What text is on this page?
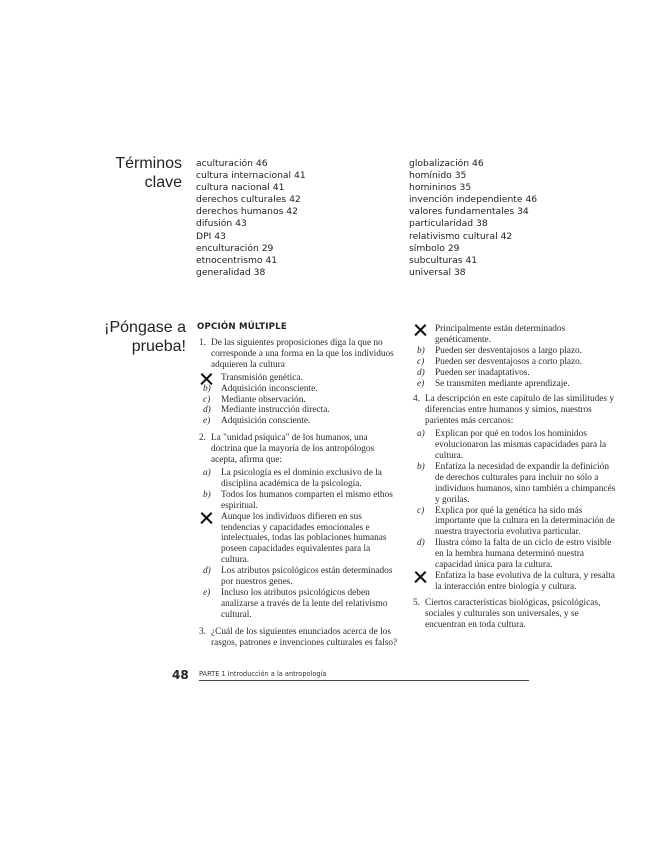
Términos
clave
aculturación 46
cultura internacional 41
cultura nacional 41
derechos culturales 42
derechos humanos 42
difusión 43
DPI 43
enculturación 29
etnocentrismo 41
generalidad 38
globalización 46
homínido 35
homininos 35
invención independiente 46
valores fundamentales 34
particularidad 38
relativismo cultural 42
símbolo 29
subculturas 41
universal 38
¡Póngase a
prueba!
OPCIÓN MÚLTIPLE
1. De las siguientes proposiciones diga la que no corresponde a una forma en la que los individuos adquieren la cultura
Transmisión genética.
b) Adquisición inconsciente.
c) Mediante observación.
d) Mediante instrucción directa.
e) Adquisición consciente.
2. La "unidad psíquica" de los humanos, una doctrina que la mayoría de los antropólogos acepta, afirma que:
a) La psicología es el dominio exclusivo de la disciplina académica de la psicología.
b) Todos los humanos comparten el mismo ethos espiritual.
Aunque los individuos difieren en sus tendencias y capacidades emocionales e intelectuales, todas las poblaciones humanas poseen capacidades equivalentes para la cultura.
d) Los atributos psicológicos están determinados por nuestros genes.
e) Incluso los atributos psicológicos deben analizarse a través de la lente del relativismo cultural.
3. ¿Cuál de los siguientes enunciados acerca de los rasgos, patrones e invenciones culturales es falso?
Principalmente están determinados genéticamente.
b) Pueden ser desventajosos a largo plazo.
c) Pueden ser desventajosos a corto plazo.
d) Pueden ser inadaptativos.
e) Se transmiten mediante aprendizaje.
4. La descripción en este capítulo de las similitudes y diferencias entre humanos y simios, nuestros parientes más cercanos:
a) Explican por qué en todos los homínidos evolucionaron las mismas capacidades para la cultura.
b) Enfatiza la necesidad de expandir la definición de derechos culturales para incluir no sólo a individuos humanos, sino también a chimpancés y gorilas.
c) Explica por qué la genética ha sido más importante que la cultura en la determinación de nuestra trayectoria evolutiva particular.
d) Ilustra cómo la falta de un ciclo de estro visible en la hembra humana determinó nuestra capacidad única para la cultura.
Enfatiza la base evolutiva de la cultura, y resalta la interacción entre biología y cultura.
5. Ciertos características biológicas, psicológicas, sociales y culturales son universales, y se encuentran en toda cultura.
48 PARTE 1 Introducción a la antropología
